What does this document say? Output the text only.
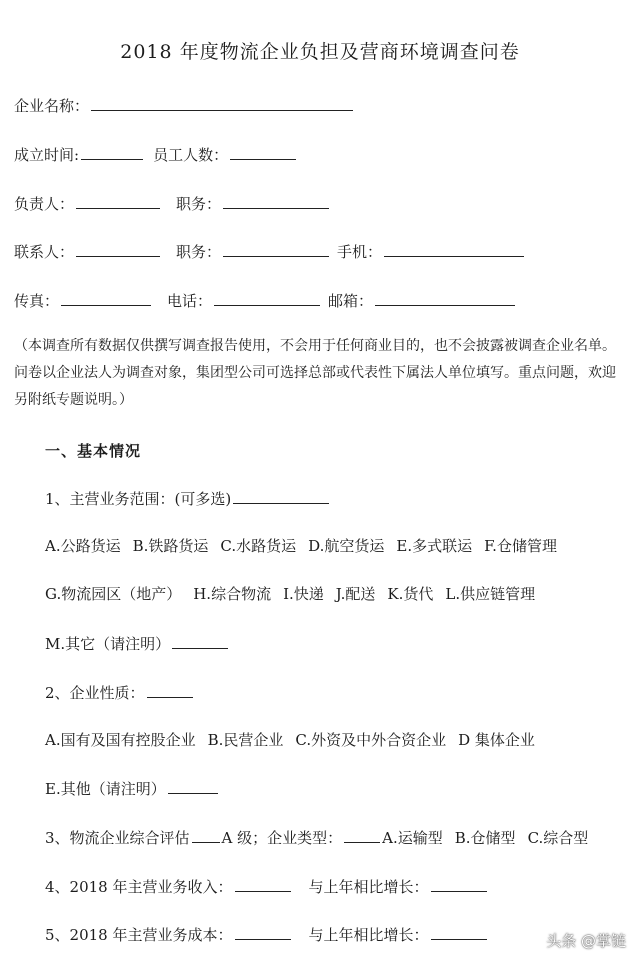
2018 年度物流企业负担及营商环境调查问卷
企业名称：
成立时间:	员工人数：
负责人：	职务：
联系人：	职务：	手机：
传真：	电话：	邮箱：
（本调查所有数据仅供撰写调查报告使用，不会用于任何商业目的，也不会披露被调查企业名单。问卷以企业法人为调查对象，集团型公司可选择总部或代表性下属法人单位填写。重点问题，欢迎另附纸专题说明。）
一、基本情况
1、主营业务范围：(可多选)
A.公路货运 B.铁路货运 C.水路货运 D.航空货运 E.多式联运 F.仓储管理
G.物流园区（地产） H.综合物流 I.快递 J.配送 K.货代 L.供应链管理
M.其它（请注明）
2、企业性质：
A.国有及国有控股企业 B.民营企业 C.外资及中外合资企业 D 集体企业
E.其他（请注明）
3、物流企业综合评估 A 级；企业类型：	A.运输型 B.仓储型 C.综合型
4、2018 年主营业务收入：	与上年相比增长：
5、2018 年主营业务成本：	与上年相比增长：	头条 @掌链
